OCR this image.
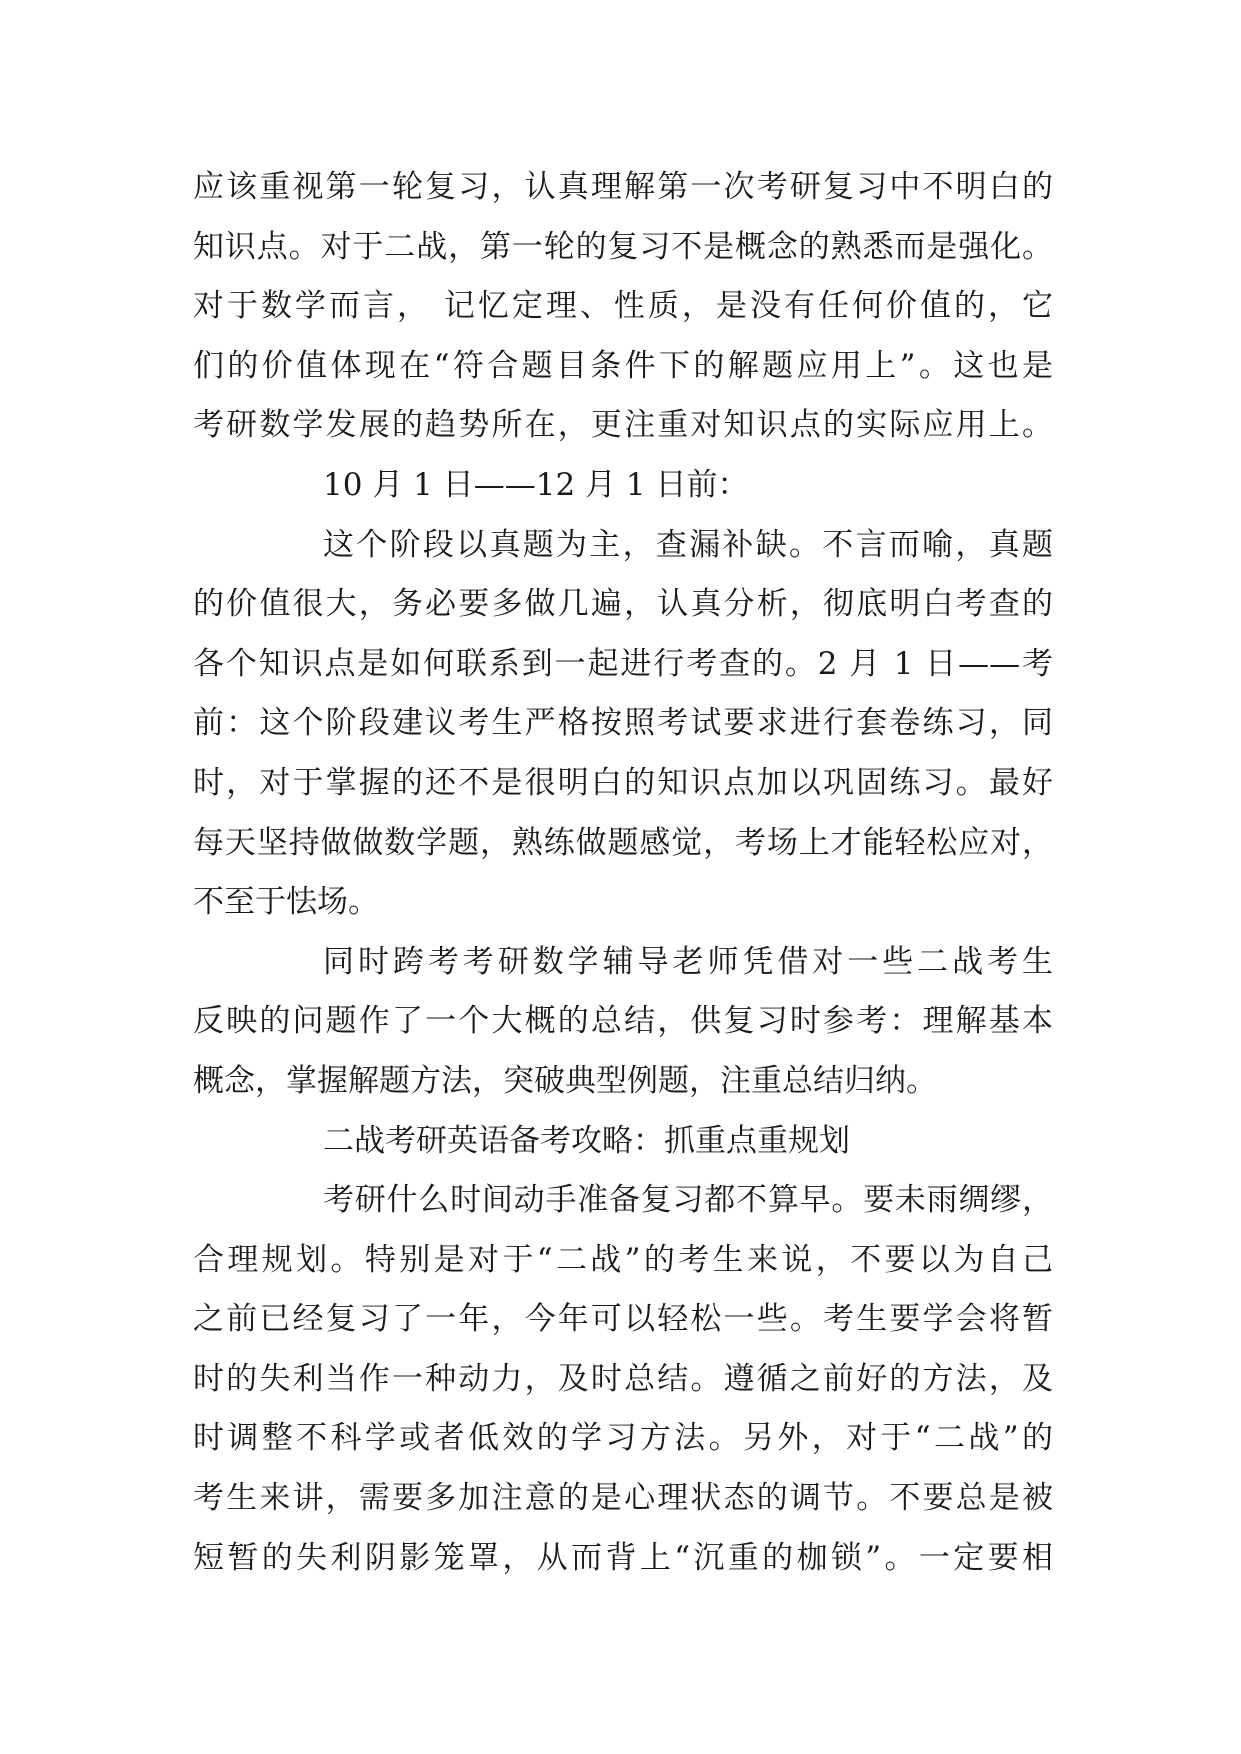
应该重视第一轮复习，认真理解第一次考研复习中不明白的
知识点。对于二战，第一轮的复习不是概念的熟悉而是强化。
对于数学而言， 记忆定理、性质，是没有任何价值的，它
们的价值体现在“符合题目条件下的解题应用上”。这也是
考研数学发展的趋势所在，更注重对知识点的实际应用上。
10 月 1 日——12 月 1 日前：
这个阶段以真题为主，查漏补缺。不言而喻，真题
的价值很大，务必要多做几遍，认真分析，彻底明白考查的
各个知识点是如何联系到一起进行考查的。2 月 1 日——考
前：这个阶段建议考生严格按照考试要求进行套卷练习，同
时，对于掌握的还不是很明白的知识点加以巩固练习。最好
每天坚持做做数学题，熟练做题感觉，考场上才能轻松应对，
不至于怯场。
同时跨考考研数学辅导老师凭借对一些二战考生
反映的问题作了一个大概的总结，供复习时参考：理解基本
概念，掌握解题方法，突破典型例题，注重总结归纳。
二战考研英语备考攻略：抓重点重规划
考研什么时间动手准备复习都不算早。要未雨绸缪，
合理规划。特别是对于“二战”的考生来说，不要以为自己
之前已经复习了一年，今年可以轻松一些。考生要学会将暂
时的失利当作一种动力，及时总结。遵循之前好的方法，及
时调整不科学或者低效的学习方法。另外，对于“二战”的
考生来讲，需要多加注意的是心理状态的调节。不要总是被
短暂的失利阴影笼罩，从而背上“沉重的枷锁”。一定要相
